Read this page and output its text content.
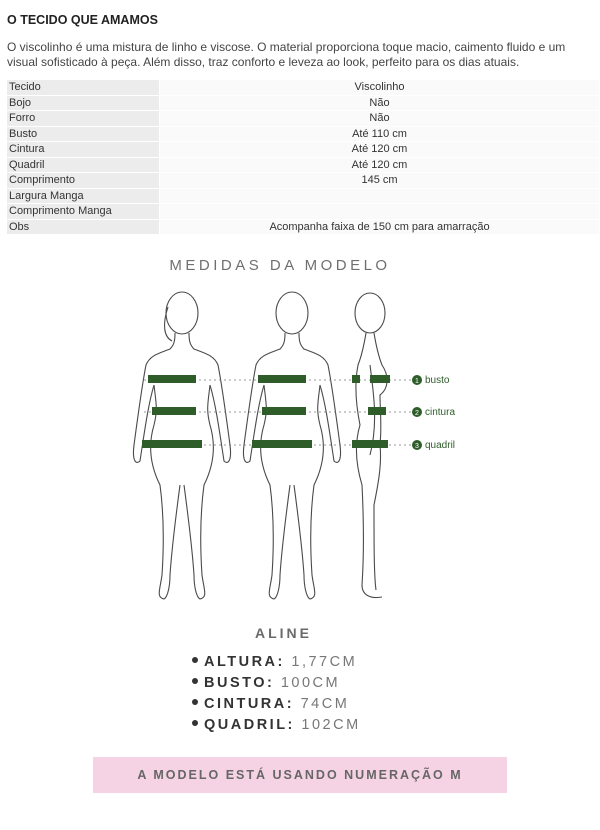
O TECIDO QUE AMAMOS

O viscolinho é uma mistura de linho e viscose. O material proporciona toque macio, caimento fluido e um visual sofisticado à peça. Além disso, traz conforto e leveza ao look, perfeito para os dias atuais.

Tecido	Viscolinho
Bojo	Não
Forro	Não
Busto	Até 110 cm
Cintura	Até 120 cm
Quadril	Até 120 cm
Comprimento	145 cm
Largura Manga	
Comprimento Manga	
Obs	Acompanha faixa de 150 cm para amarração
MEDIDAS DA MODELO
1 busto
2 cintura
3 quadril
ALINE
ALTURA: 1,77CM
BUSTO: 100CM
CINTURA: 74CM
QUADRIL: 102CM
A MODELO ESTÁ USANDO NUMERAÇÃO M
